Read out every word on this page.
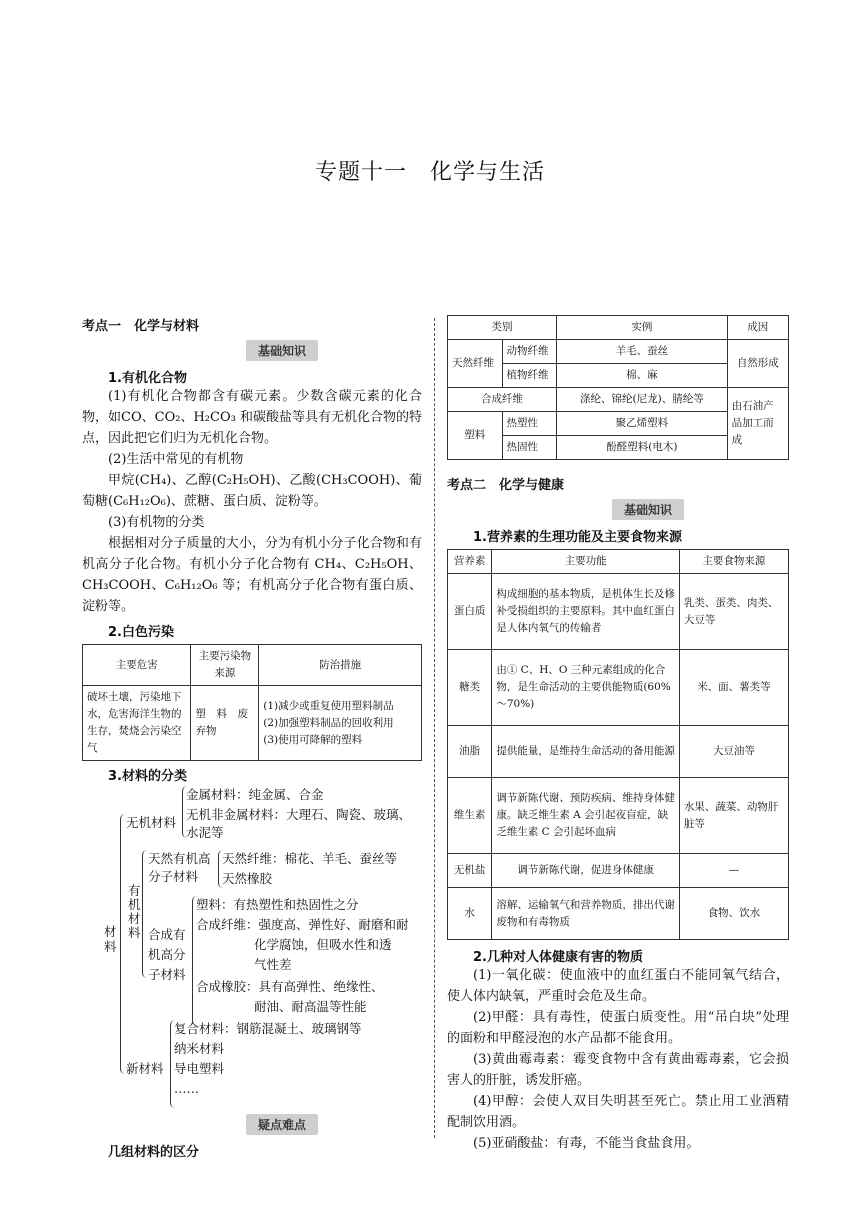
专题十一　化学与生活
考点一　化学与材料
基础知识
1.有机化合物

(1)有机化合物都含有碳元素。少数含碳元素的化合物，如CO、CO₂、H₂CO₃ 和碳酸盐等具有无机化合物的特点，因此把它们归为无机化合物。

(2)生活中常见的有机物

甲烷(CH₄)、乙醇(C₂H₅OH)、乙酸(CH₃COOH)、葡萄糖(C₆H₁₂O₆)、蔗糖、蛋白质、淀粉等。

(3)有机物的分类

根据相对分子质量的大小，分为有机小分子化合物和有机高分子化合物。有机小分子化合物有 CH₄、C₂H₅OH、CH₃COOH、C₆H₁₂O₆ 等；有机高分子化合物有蛋白质、淀粉等。

2.白色污染
主要危害	主要污染物来源	防治措施
破坏土壤，污染地下水，危害海洋生物的生存，焚烧会污染空气	塑　料　废弃物	(1)减少或重复使用塑料制品
(2)加强塑料制品的回收利用
(3)使用可降解的塑料
3.材料的分类
材料
无机材料
金属材料：纯金属、合金
无机非金属材料：大理石、陶瓷、玻璃、
水泥等
有机材料
天然有机高
分子材料
天然纤维：棉花、羊毛、蚕丝等
天然橡胶
合成有
机高分
子材料
塑料：有热塑性和热固性之分
合成纤维：强度高、弹性好、耐磨和耐
化学腐蚀，但吸水性和透
气性差
合成橡胶：具有高弹性、绝缘性、
耐油、耐高温等性能
新材料
复合材料：钢筋混凝土、玻璃钢等
纳米材料
导电塑料
……
疑点难点
几组材料的区分
类别		实例	成因
天然纤维	动物纤维	羊毛、蚕丝	自然形成
	植物纤维	棉、麻	
合成纤维		涤纶、锦纶(尼龙)、腈纶等	由石油产品加工而成
塑料	热塑性	聚乙烯塑料	
	热固性	酚醛塑料(电木)	
考点二　化学与健康
基础知识
1.营养素的生理功能及主要食物来源
营养素	主要功能	主要食物来源
蛋白质	构成细胞的基本物质，是机体生长及修补受损组织的主要原料。其中血红蛋白是人体内氧气的传输者	乳类、蛋类、肉类、大豆等
糖类	由① C、H、O 三种元素组成的化合物，是生命活动的主要供能物质(60%～70%)	米、面、薯类等
油脂	提供能量，是维持生命活动的备用能源	大豆油等
维生素	调节新陈代谢、预防疾病、维持身体健康。缺乏维生素 A 会引起夜盲症，缺乏维生素 C 会引起坏血病	水果、蔬菜、动物肝脏等
无机盐	调节新陈代谢，促进身体健康	—
水	溶解、运输氧气和营养物质，排出代谢废物和有毒物质	食物、饮水
2.几种对人体健康有害的物质

(1)一氧化碳：使血液中的血红蛋白不能同氧气结合，使人体内缺氧，严重时会危及生命。

(2)甲醛：具有毒性，使蛋白质变性。用“吊白块”处理的面粉和甲醛浸泡的水产品都不能食用。

(3)黄曲霉毒素：霉变食物中含有黄曲霉毒素，它会损害人的肝脏，诱发肝癌。

(4)甲醇：会使人双目失明甚至死亡。禁止用工业酒精配制饮用酒。

(5)亚硝酸盐：有毒，不能当食盐食用。
